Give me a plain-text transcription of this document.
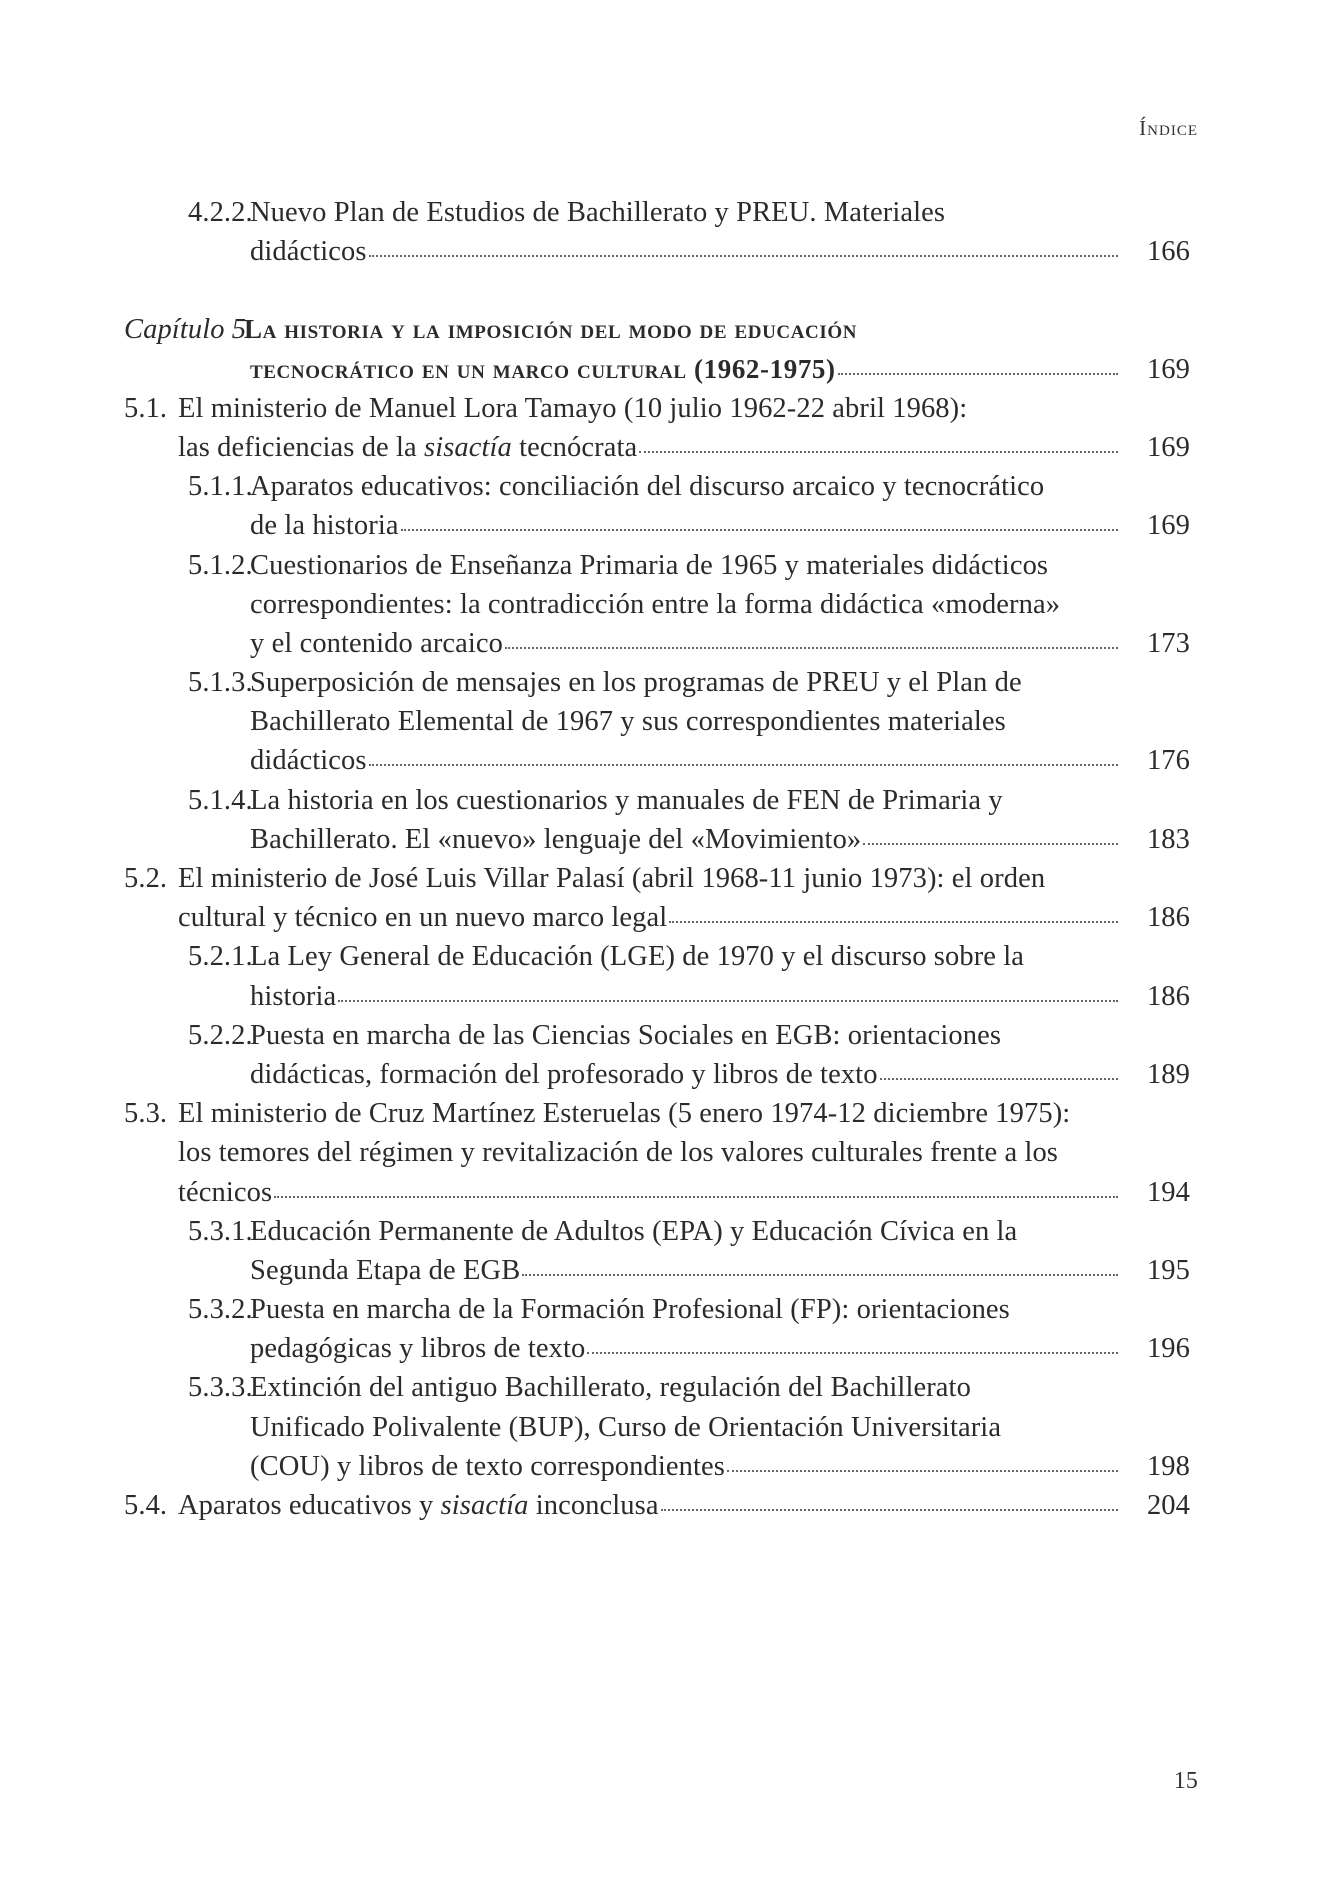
Índice
4.2.2.
Nuevo Plan de Estudios de Bachillerato y PREU. Materiales
didácticos	166
Capítulo 5.
La historia y la imposición del modo de educación
tecnocrático en un marco cultural (1962-1975)	169
5.1. El ministerio de Manuel Lora Tamayo (10 julio 1962-22 abril 1968):
las deficiencias de la sisactía tecnócrata	169
5.1.1.
Aparatos educativos: conciliación del discurso arcaico y tecnocrático
de la historia	169
5.1.2.
Cuestionarios de Enseñanza Primaria de 1965 y materiales didácticos
correspondientes: la contradicción entre la forma didáctica «moderna»
y el contenido arcaico	173
5.1.3.
Superposición de mensajes en los programas de PREU y el Plan de
Bachillerato Elemental de 1967 y sus correspondientes materiales
didácticos	176
5.1.4.
La historia en los cuestionarios y manuales de FEN de Primaria y
Bachillerato. El «nuevo» lenguaje del «Movimiento»	183
5.2. El ministerio de José Luis Villar Palasí (abril 1968-11 junio 1973): el orden
cultural y técnico en un nuevo marco legal	186
5.2.1.
La Ley General de Educación (LGE) de 1970 y el discurso sobre la
historia	186
5.2.2.
Puesta en marcha de las Ciencias Sociales en EGB: orientaciones
didácticas, formación del profesorado y libros de texto	189
5.3. El ministerio de Cruz Martínez Esteruelas (5 enero 1974-12 diciembre 1975):
los temores del régimen y revitalización de los valores culturales frente a los
técnicos	194
5.3.1.
Educación Permanente de Adultos (EPA) y Educación Cívica en la
Segunda Etapa de EGB	195
5.3.2.
Puesta en marcha de la Formación Profesional (FP): orientaciones
pedagógicas y libros de texto	196
5.3.3.
Extinción del antiguo Bachillerato, regulación del Bachillerato
Unificado Polivalente (BUP), Curso de Orientación Universitaria
(COU) y libros de texto correspondientes	198
5.4. Aparatos educativos y sisactía inconclusa	204
15
